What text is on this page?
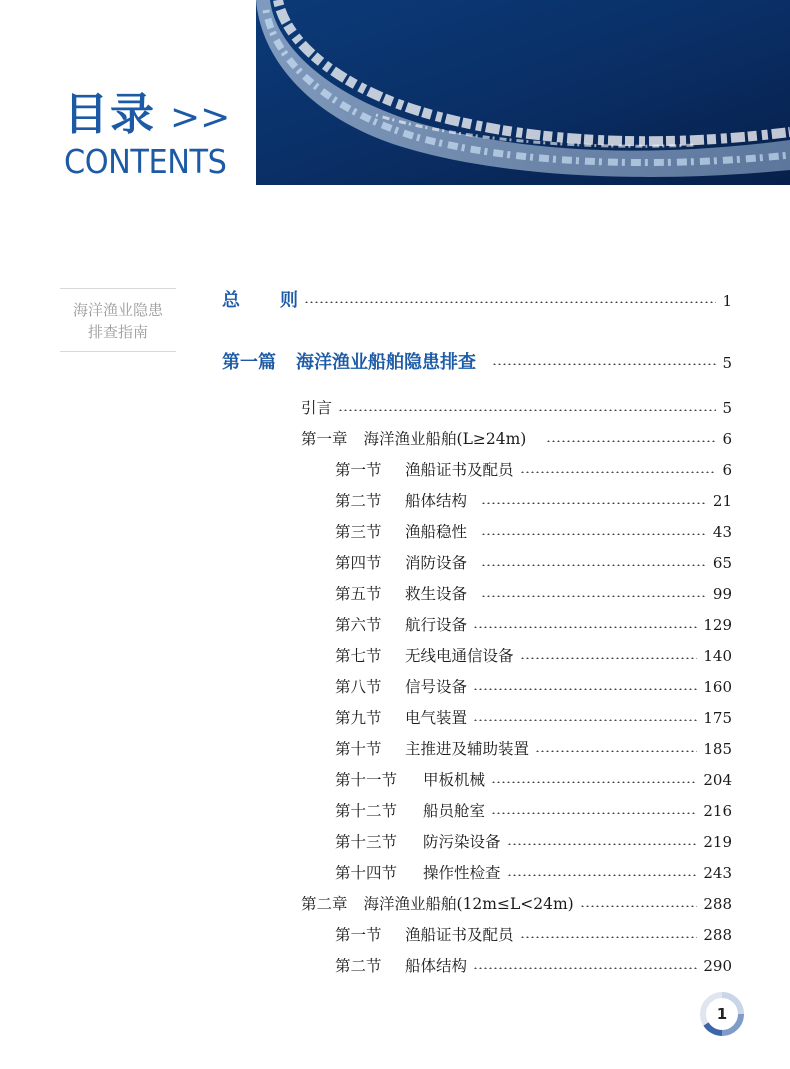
目录 >>
CONTENTS
海洋渔业隐患
排查指南
总 则	1
第一篇 海洋渔业船舶隐患排查	5
引言	5
第一章 海洋渔业船舶(L≥24m)	6
第一节	渔船证书及配员	6
第二节	船体结构	21
第三节	渔船稳性	43
第四节	消防设备	65
第五节	救生设备	99
第六节	航行设备	129
第七节	无线电通信设备	140
第八节	信号设备	160
第九节	电气装置	175
第十节	主推进及辅助装置	185
第十一节	甲板机械	204
第十二节	船员舱室	216
第十三节	防污染设备	219
第十四节	操作性检查	243
第二章 海洋渔业船舶(12m≤L<24m)	288
第一节	渔船证书及配员	288
第二节	船体结构	290
1
